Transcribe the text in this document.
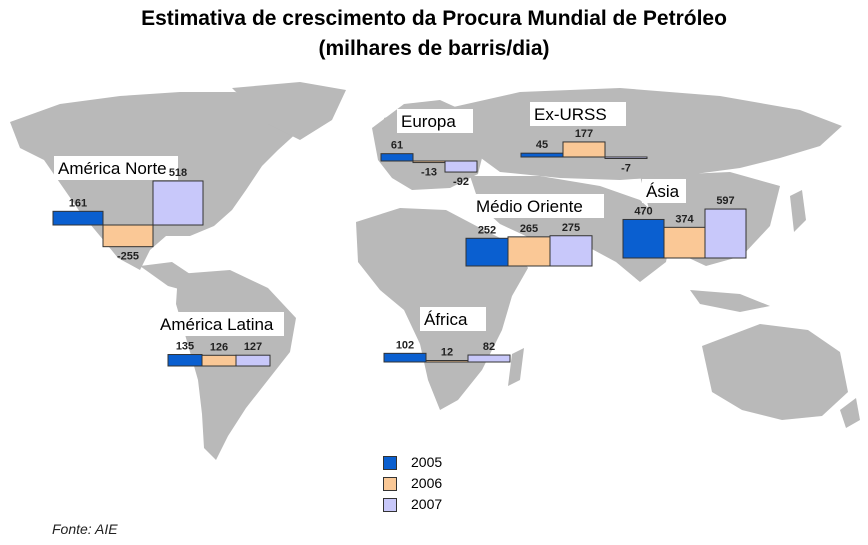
América Norte
161
-255
518
América Latina
135 126 127
Europa
61
-13
-92
Ex-URSS
45
177
-7
Médio Oriente
252 265 275
África
102
12	82
Ásia
470
374
597
Estimativa de crescimento da Procura Mundial de Petróleo
(milhares de barris/dia)
2005
2006
2007
Fonte: AIE
